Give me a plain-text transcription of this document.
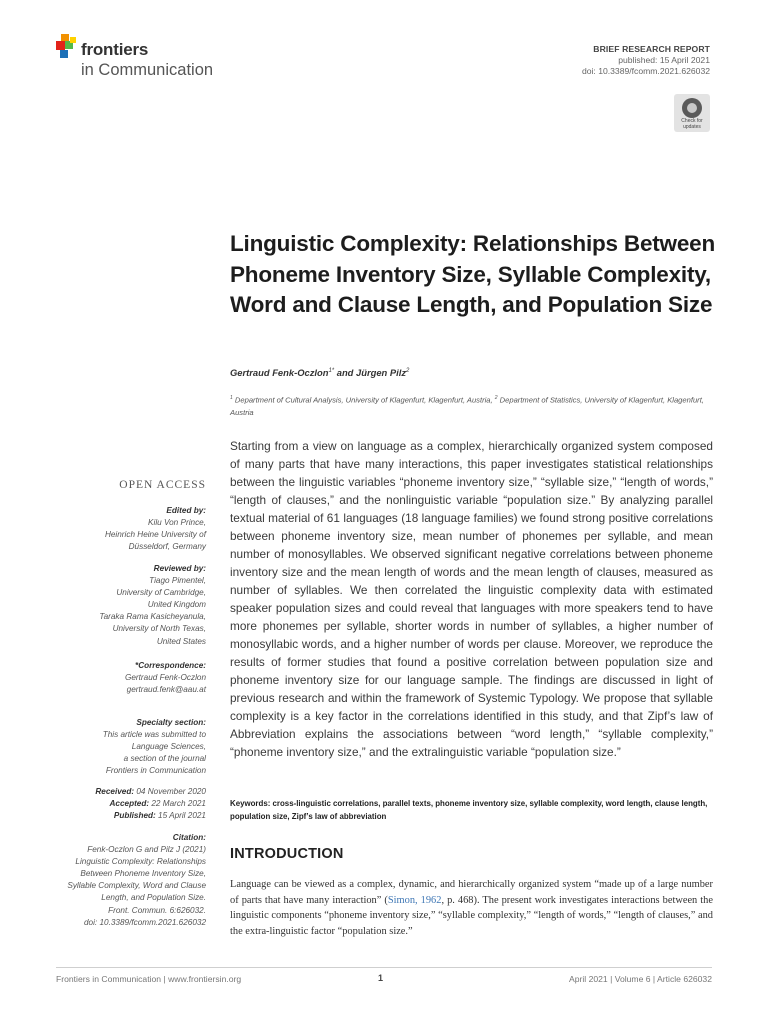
frontiers
in Communication
BRIEF RESEARCH REPORT
published: 15 April 2021
doi: 10.3389/fcomm.2021.626032
Check for
updates
Linguistic Complexity: Relationships Between Phoneme Inventory Size, Syllable Complexity, Word and Clause Length, and Population Size
Gertraud Fenk-Oczlon$^{1*}$ and Jürgen Pilz$^2$
$^1$ Department of Cultural Analysis, University of Klagenfurt, Klagenfurt, Austria, $^2$ Department of Statistics, University of Klagenfurt, Klagenfurt, Austria
OPEN ACCESS
Edited by:
Kilu Von Prince,
Heinrich Heine University of
Düsseldorf, Germany
Reviewed by:
Tiago Pimentel,
University of Cambridge,
United Kingdom
Taraka Rama Kasicheyanula,
University of North Texas,
United States
*Correspondence:
Gertraud Fenk-Oczlon
gertraud.fenk@aau.at
Specialty section:
This article was submitted to
Language Sciences,
a section of the journal
Frontiers in Communication
Received: 04 November 2020
Accepted: 22 March 2021
Published: 15 April 2021
Citation:
Fenk-Oczlon G and Pilz J (2021)
Linguistic Complexity: Relationships
Between Phoneme Inventory Size,
Syllable Complexity, Word and Clause
Length, and Population Size.
Front. Commun. 6:626032.
doi: 10.3389/fcomm.2021.626032
Starting from a view on language as a complex, hierarchically organized system composed of many parts that have many interactions, this paper investigates statistical relationships between the linguistic variables “phoneme inventory size,” “syllable size,” “length of words,” “length of clauses,” and the nonlinguistic variable “population size.” By analyzing parallel textual material of 61 languages (18 language families) we found strong positive correlations between phoneme inventory size, mean number of phonemes per syllable, and mean number of monosyllables. We observed significant negative correlations between phoneme inventory size and the mean length of words and the mean length of clauses, measured as number of syllables. We then correlated the linguistic complexity data with estimated speaker population sizes and could reveal that languages with more speakers tend to have more phonemes per syllable, shorter words in number of syllables, a higher number of monosyllabic words, and a higher number of words per clause. Moreover, we reproduce the results of former studies that found a positive correlation between population size and phoneme inventory size for our language sample. The findings are discussed in light of previous research and within the framework of Systemic Typology. We propose that syllable complexity is a key factor in the correlations identified in this study, and that Zipf’s law of Abbreviation explains the associations between “word length,” “syllable complexity,” “phoneme inventory size,” and the extralinguistic variable “population size.”
Keywords: cross-linguistic correlations, parallel texts, phoneme inventory size, syllable complexity, word length, clause length, population size, Zipf’s law of abbreviation
INTRODUCTION
Language can be viewed as a complex, dynamic, and hierarchically organized system “made up of a large number of parts that have many interaction” (Simon, 1962, p. 468). The present work investigates interactions between the linguistic components “phoneme inventory size,” “syllable complexity,” “length of words,” “length of clauses,” and the extra-linguistic factor “population size.”
Frontiers in Communication | www.frontiersin.org	1	April 2021 | Volume 6 | Article 626032
